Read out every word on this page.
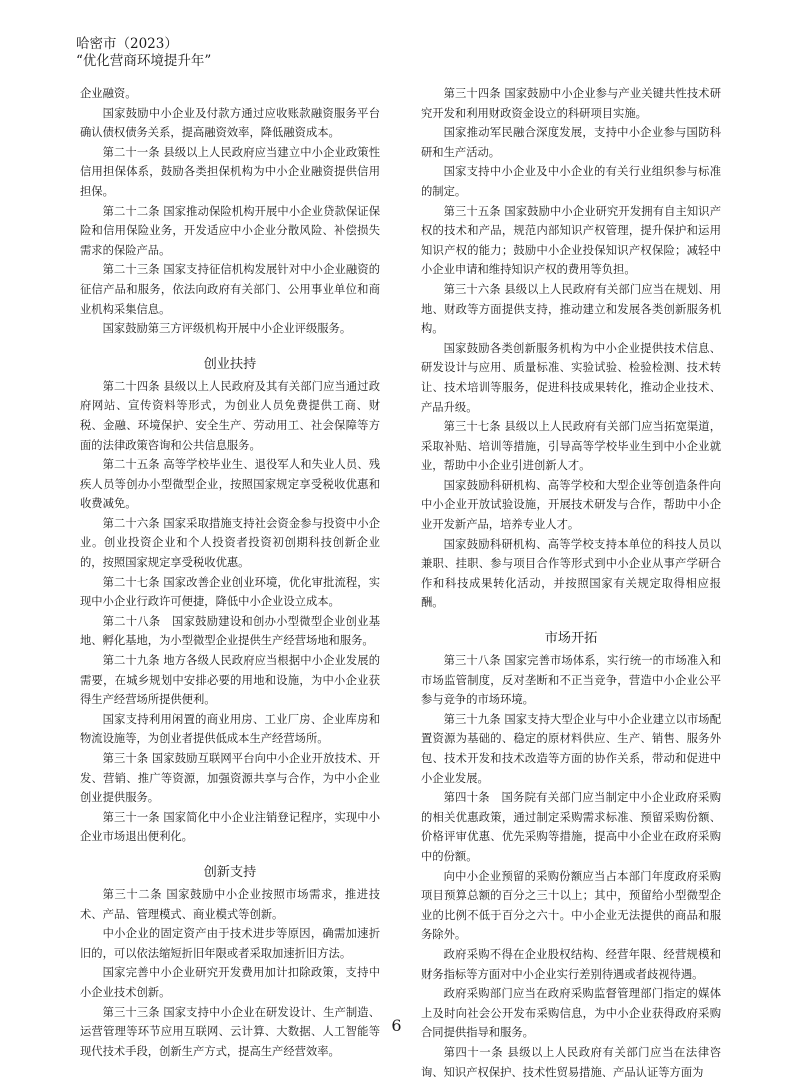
哈密市（2023）
“优化营商环境提升年”
企业融资。
国家鼓励中小企业及付款方通过应收账款融资服务平台确认债权债务关系，提高融资效率，降低融资成本。
第二十一条 县级以上人民政府应当建立中小企业政策性信用担保体系，鼓励各类担保机构为中小企业融资提供信用担保。
第二十二条 国家推动保险机构开展中小企业贷款保证保险和信用保险业务，开发适应中小企业分散风险、补偿损失需求的保险产品。
第二十三条 国家支持征信机构发展针对中小企业融资的征信产品和服务，依法向政府有关部门、公用事业单位和商业机构采集信息。
国家鼓励第三方评级机构开展中小企业评级服务。
创业扶持
第二十四条 县级以上人民政府及其有关部门应当通过政府网站、宣传资料等形式，为创业人员免费提供工商、财税、金融、环境保护、安全生产、劳动用工、社会保障等方面的法律政策咨询和公共信息服务。
第二十五条 高等学校毕业生、退役军人和失业人员、残疾人员等创办小型微型企业，按照国家规定享受税收优惠和收费减免。
第二十六条 国家采取措施支持社会资金参与投资中小企业。创业投资企业和个人投资者投资初创期科技创新企业的，按照国家规定享受税收优惠。
第二十七条 国家改善企业创业环境，优化审批流程，实现中小企业行政许可便捷，降低中小企业设立成本。
第二十八条　国家鼓励建设和创办小型微型企业创业基地、孵化基地，为小型微型企业提供生产经营场地和服务。
第二十九条 地方各级人民政府应当根据中小企业发展的需要，在城乡规划中安排必要的用地和设施，为中小企业获得生产经营场所提供便利。
国家支持利用闲置的商业用房、工业厂房、企业库房和物流设施等，为创业者提供低成本生产经营场所。
第三十条 国家鼓励互联网平台向中小企业开放技术、开发、营销、推广等资源，加强资源共享与合作，为中小企业创业提供服务。
第三十一条 国家简化中小企业注销登记程序，实现中小企业市场退出便利化。
创新支持
第三十二条 国家鼓励中小企业按照市场需求，推进技术、产品、管理模式、商业模式等创新。
中小企业的固定资产由于技术进步等原因，确需加速折旧的，可以依法缩短折旧年限或者采取加速折旧方法。
国家完善中小企业研究开发费用加计扣除政策，支持中小企业技术创新。
第三十三条 国家支持中小企业在研发设计、生产制造、运营管理等环节应用互联网、云计算、大数据、人工智能等现代技术手段，创新生产方式，提高生产经营效率。
第三十四条 国家鼓励中小企业参与产业关键共性技术研究开发和利用财政资金设立的科研项目实施。
国家推动军民融合深度发展，支持中小企业参与国防科研和生产活动。
国家支持中小企业及中小企业的有关行业组织参与标准的制定。
第三十五条 国家鼓励中小企业研究开发拥有自主知识产权的技术和产品，规范内部知识产权管理，提升保护和运用知识产权的能力；鼓励中小企业投保知识产权保险；减轻中小企业申请和维持知识产权的费用等负担。
第三十六条 县级以上人民政府有关部门应当在规划、用地、财政等方面提供支持，推动建立和发展各类创新服务机构。
国家鼓励各类创新服务机构为中小企业提供技术信息、研发设计与应用、质量标准、实验试验、检验检测、技术转让、技术培训等服务，促进科技成果转化，推动企业技术、产品升级。
第三十七条 县级以上人民政府有关部门应当拓宽渠道，采取补贴、培训等措施，引导高等学校毕业生到中小企业就业，帮助中小企业引进创新人才。
国家鼓励科研机构、高等学校和大型企业等创造条件向中小企业开放试验设施，开展技术研发与合作，帮助中小企业开发新产品，培养专业人才。
国家鼓励科研机构、高等学校支持本单位的科技人员以兼职、挂职、参与项目合作等形式到中小企业从事产学研合作和科技成果转化活动，并按照国家有关规定取得相应报酬。
市场开拓
第三十八条 国家完善市场体系，实行统一的市场准入和市场监管制度，反对垄断和不正当竞争，营造中小企业公平参与竞争的市场环境。
第三十九条 国家支持大型企业与中小企业建立以市场配置资源为基础的、稳定的原材料供应、生产、销售、服务外包、技术开发和技术改造等方面的协作关系，带动和促进中小企业发展。
第四十条　国务院有关部门应当制定中小企业政府采购的相关优惠政策，通过制定采购需求标准、预留采购份额、价格评审优惠、优先采购等措施，提高中小企业在政府采购中的份额。
向中小企业预留的采购份额应当占本部门年度政府采购项目预算总额的百分之三十以上；其中，预留给小型微型企业的比例不低于百分之六十。中小企业无法提供的商品和服务除外。
政府采购不得在企业股权结构、经营年限、经营规模和财务指标等方面对中小企业实行差别待遇或者歧视待遇。
政府采购部门应当在政府采购监督管理部门指定的媒体上及时向社会公开发布采购信息，为中小企业获得政府采购合同提供指导和服务。
第四十一条 县级以上人民政府有关部门应当在法律咨询、知识产权保护、技术性贸易措施、产品认证等方面为
6
